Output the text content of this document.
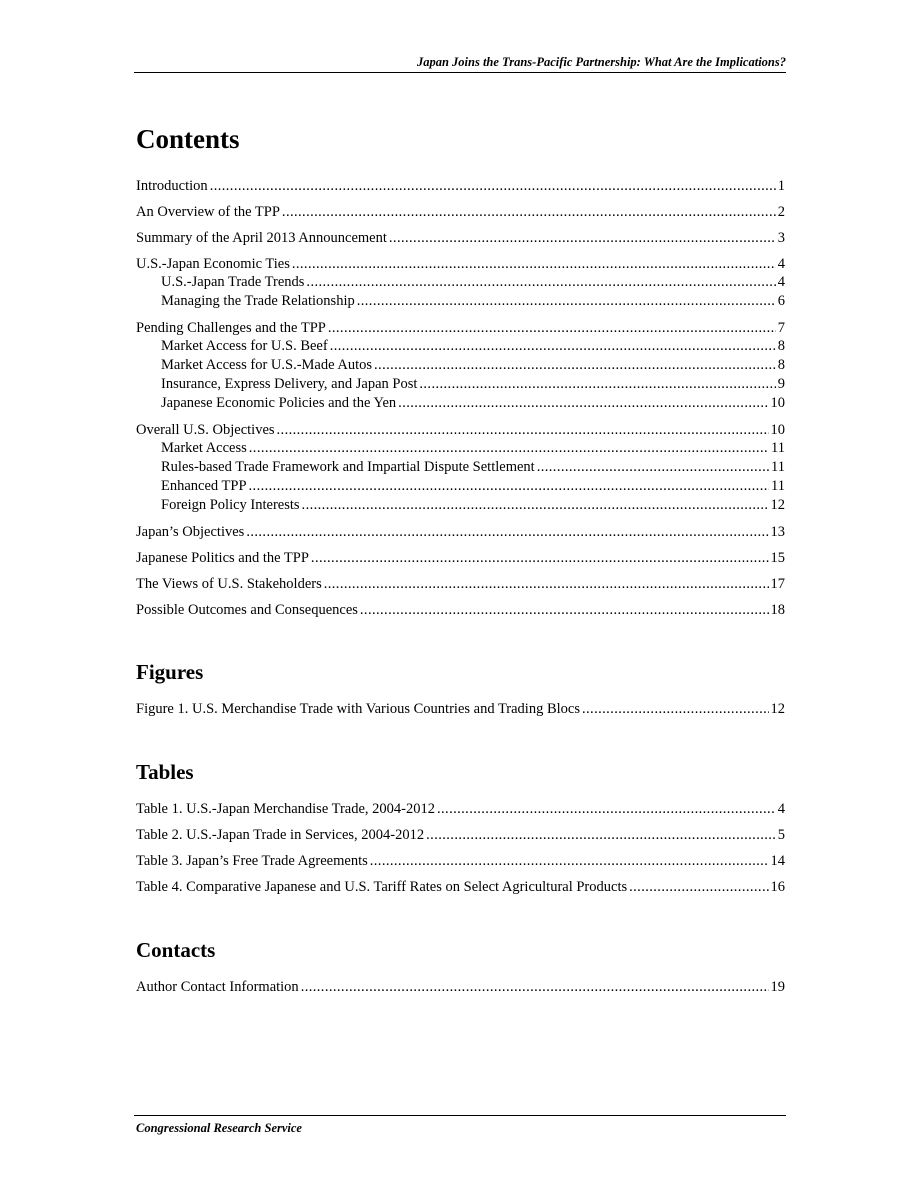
Japan Joins the Trans-Pacific Partnership: What Are the Implications?
Contents
Introduction .....	1
An Overview of the TPP .....	2
Summary of the April 2013 Announcement .....	3
U.S.-Japan Economic Ties .....	4
U.S.-Japan Trade Trends .....	4
Managing the Trade Relationship .....	6
Pending Challenges and the TPP .....	7
Market Access for U.S. Beef .....	8
Market Access for U.S.-Made Autos .....	8
Insurance, Express Delivery, and Japan Post .....	9
Japanese Economic Policies and the Yen .....	10
Overall U.S. Objectives .....	10
Market Access .....	11
Rules-based Trade Framework and Impartial Dispute Settlement .....	11
Enhanced TPP .....	11
Foreign Policy Interests .....	12
Japan’s Objectives .....	13
Japanese Politics and the TPP .....	15
The Views of U.S. Stakeholders .....	17
Possible Outcomes and Consequences .....	18
Figures
Figure 1. U.S. Merchandise Trade with Various Countries and Trading Blocs .....	12
Tables
Table 1. U.S.-Japan Merchandise Trade, 2004-2012 .....	4
Table 2. U.S.-Japan Trade in Services, 2004-2012 .....	5
Table 3. Japan’s Free Trade Agreements .....	14
Table 4. Comparative Japanese and U.S. Tariff Rates on Select Agricultural Products .....	16
Contacts
Author Contact Information .....	19
Congressional Research Service
